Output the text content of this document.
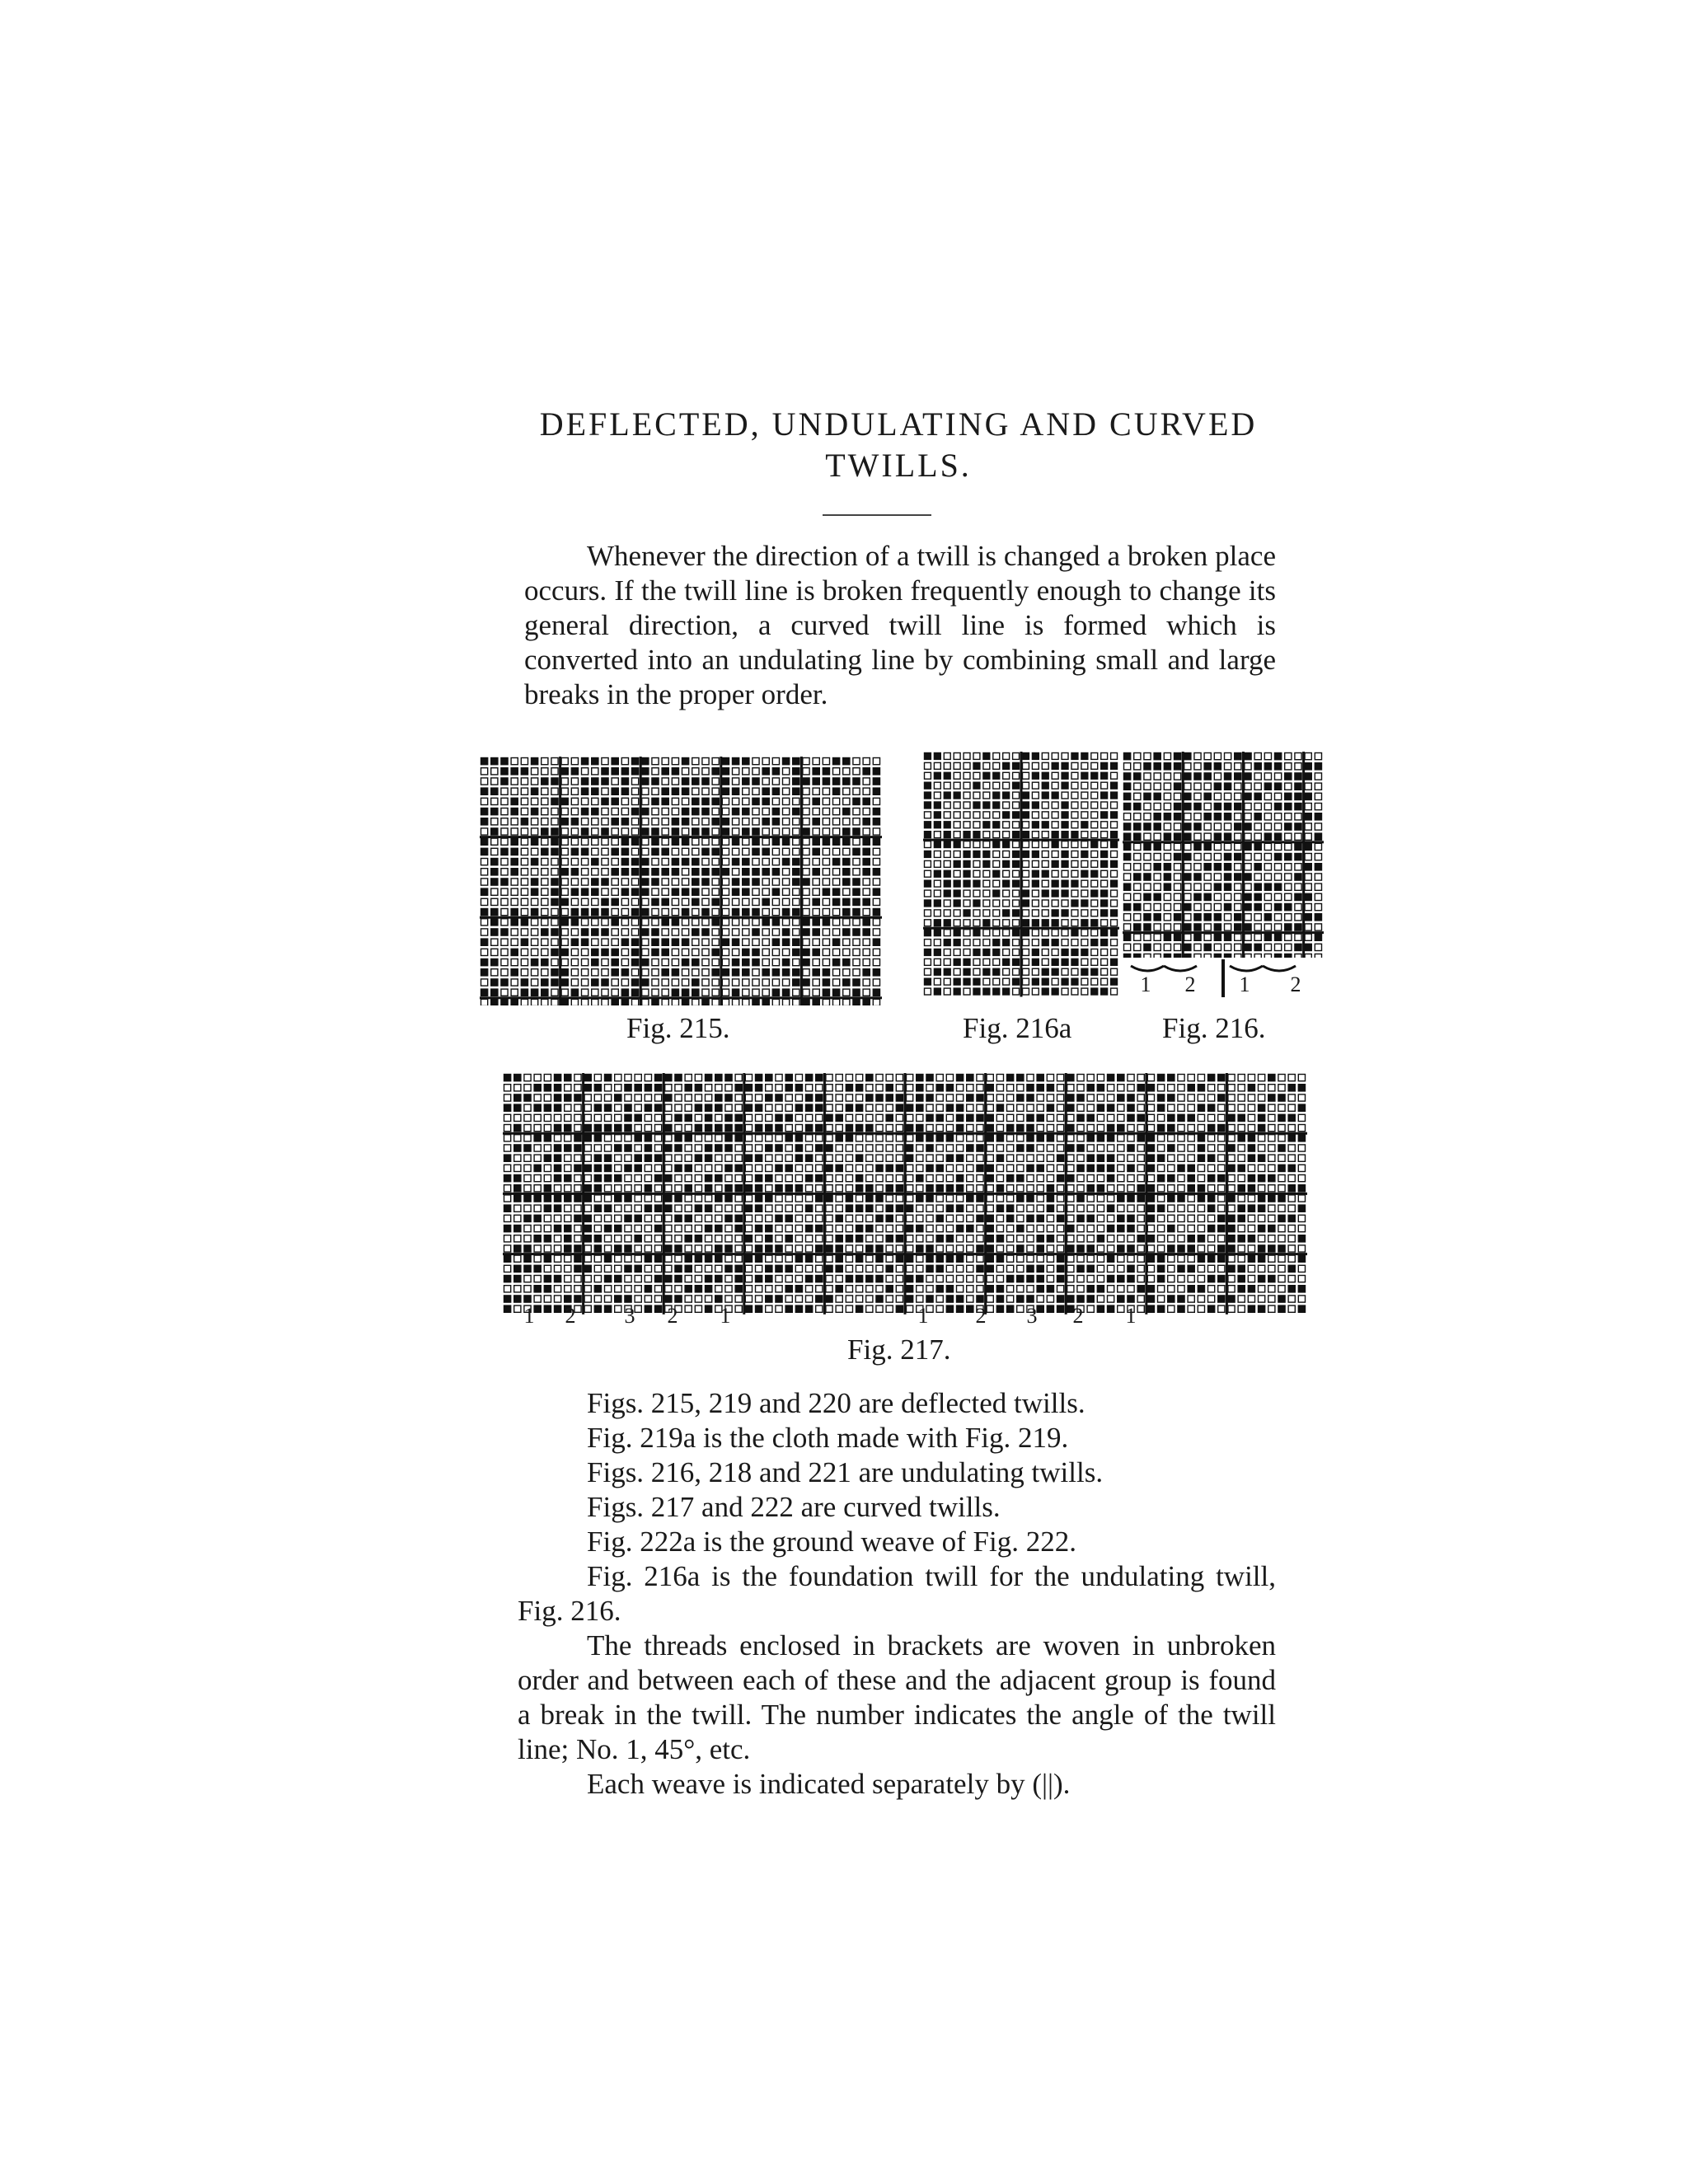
DEFLECTED, UNDULATING AND CURVED
TWILLS.

Whenever the direction of a twill is changed a broken place occurs. If the twill line is broken frequently enough to change its general direction, a curved twill line is formed which is converted into an undulating line by combining small and large breaks in the proper order.

Fig. 215.	Fig. 216a
1	2	1	2
Fig. 216.
1	2	3	2	1	1	2	3	2	1
Fig. 217.

Figs. 215, 219 and 220 are deflected twills.

Fig. 219a is the cloth made with Fig. 219.

Figs. 216, 218 and 221 are undulating twills.

Figs. 217 and 222 are curved twills.

Fig. 222a is the ground weave of Fig. 222.

Fig. 216a is the foundation twill for the undulating twill, Fig. 216.

The threads enclosed in brackets are woven in unbroken order and between each of these and the adjacent group is found a break in the twill. The number indicates the angle of the twill line; No. 1, 45°, etc.

Each weave is indicated separately by (||).
